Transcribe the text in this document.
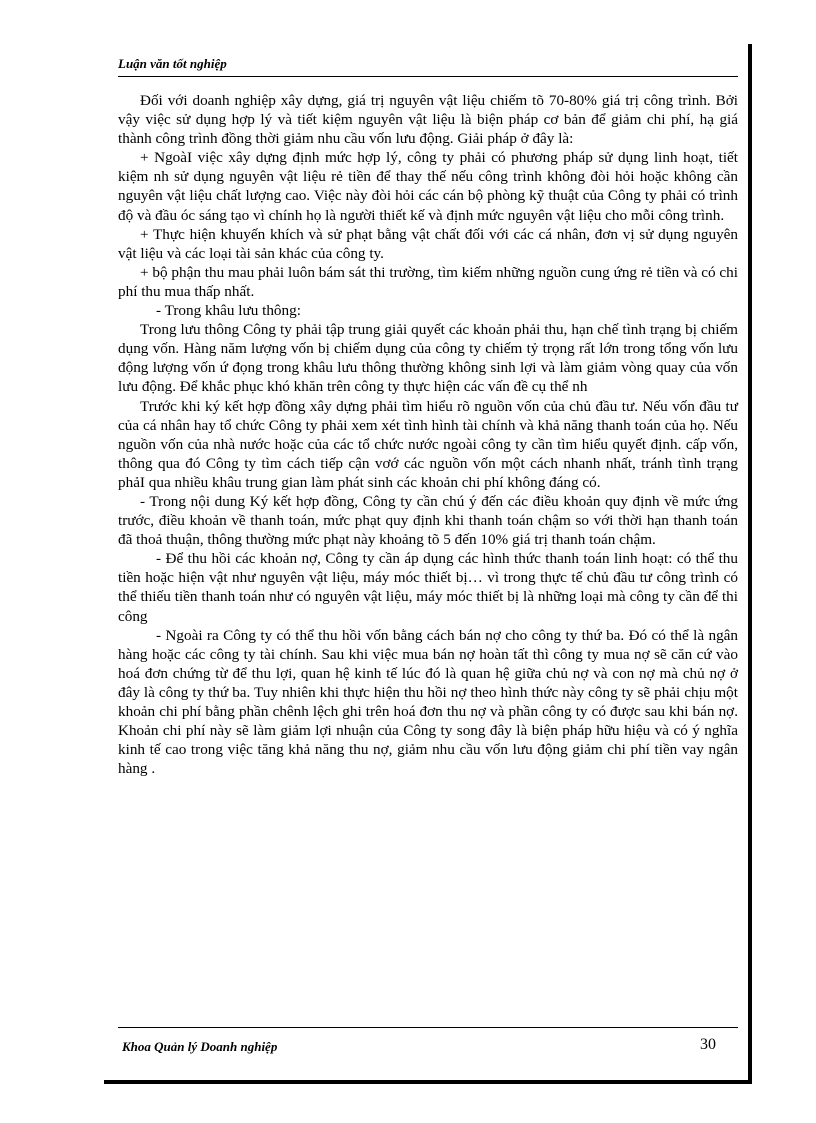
Luận văn tốt nghiệp

Đối với doanh nghiệp xây dựng, giá trị nguyên vật liệu chiếm tõ 70-80% giá trị công trình. Bởi vậy việc sử dụng hợp lý và tiết kiệm nguyên vật liệu là biện pháp cơ bản để giảm chi phí, hạ giá thành công trình đồng thời giảm nhu cầu vốn lưu động. Giải pháp ở đây là:

+ NgoàI việc xây dựng định mức hợp lý, công ty phải có phương pháp sử dụng linh hoạt, tiết kiệm nh sử dụng nguyên vật liệu rẻ tiền để thay thế nếu công trình không đòi hỏi hoặc không cần nguyên vật liệu chất lượng cao. Việc này đòi hỏi các cán bộ phòng kỹ thuật của Công ty phải có trình độ và đầu óc sáng tạo vì chính họ là người thiết kế và định mức nguyên vật liệu cho mỗi công trình.

+ Thực hiện khuyến khích và sử phạt bằng vật chất đối với các cá nhân, đơn vị sử dụng nguyên vật liệu và các loại tài sản khác của công ty.

+ bộ phận thu mau phải luôn bám sát thi trường, tìm kiếm những nguồn cung ứng rẻ tiền và có chi phí thu mua thấp nhất.

- Trong khâu lưu thông:

Trong lưu thông Công ty phải tập trung giải quyết các khoản phải thu, hạn chế tình trạng bị chiếm dụng vốn. Hàng năm lượng vốn bị chiếm dụng của công ty chiếm tỷ trọng rất lớn trong tổng vốn lưu động lượng vốn ứ đọng trong khâu lưu thông thường không sinh lợi và làm giảm vòng quay của vốn lưu động. Để khắc phục khó khăn trên công ty thực hiện các vấn đề cụ thể nh

Trước khi ký kết hợp đồng xây dựng phải tìm hiểu rõ nguồn vốn của chủ đầu tư. Nếu vốn đầu tư của cá nhân hay tổ chức Công ty phải xem xét tình hình tài chính và khả năng thanh toán của họ. Nếu nguồn vốn của nhà nước hoặc của các tổ chức nước ngoài công ty cần tìm hiểu quyết định. cấp vốn, thông qua đó Công ty tìm cách tiếp cận vơớ các nguồn vốn một cách nhanh nhất, tránh tình trạng phảI qua nhiều khâu trung gian làm phát sinh các khoản chi phí không đáng có.

- Trong nội dung Ký kết hợp đồng, Công ty cần chú ý đến các điều khoản quy định về mức ứng trước, điều khoản về thanh toán, mức phạt quy định khi thanh toán chậm so với thời hạn thanh toán đã thoả thuận, thông thường mức phạt này khoảng tõ 5 đến 10% giá trị thanh toán chậm.

- Để thu hồi các khoản nợ, Công ty cần áp dụng các hình thức thanh toán linh hoạt: có thể thu tiền hoặc hiện vật như nguyên vật liệu, máy móc thiết bị… vì trong thực tế chủ đầu tư công trình có thể thiếu tiền thanh toán như có nguyên vật liệu, máy móc thiết bị là những loại mà công ty cần để thi công

- Ngoài ra Công ty có thể thu hồi vốn bằng cách bán nợ cho công ty thứ ba. Đó có thể là ngân hàng hoặc các công ty tài chính. Sau khi việc mua bán nợ hoàn tất thì công ty mua nợ sẽ căn cứ vào hoá đơn chứng từ để thu lợi, quan hệ kinh tế lúc đó là quan hệ giữa chủ nợ và con nợ mà chủ nợ ở đây là công ty thứ ba. Tuy nhiên khi thực hiện thu hồi nợ theo hình thức này công ty sẽ phải chịu một khoản chi phí bằng phần chênh lệch ghi trên hoá đơn thu nợ và phần công ty có được sau khi bán nợ. Khoản chi phí này sẽ làm giảm lợi nhuận của Công ty song đây là biện pháp hữu hiệu và có ý nghĩa kinh tế cao trong việc tăng khả năng thu nợ, giảm nhu cầu vốn lưu động giảm chi phí tiền vay ngân hàng .

Khoa Quản lý Doanh nghiệp	30
